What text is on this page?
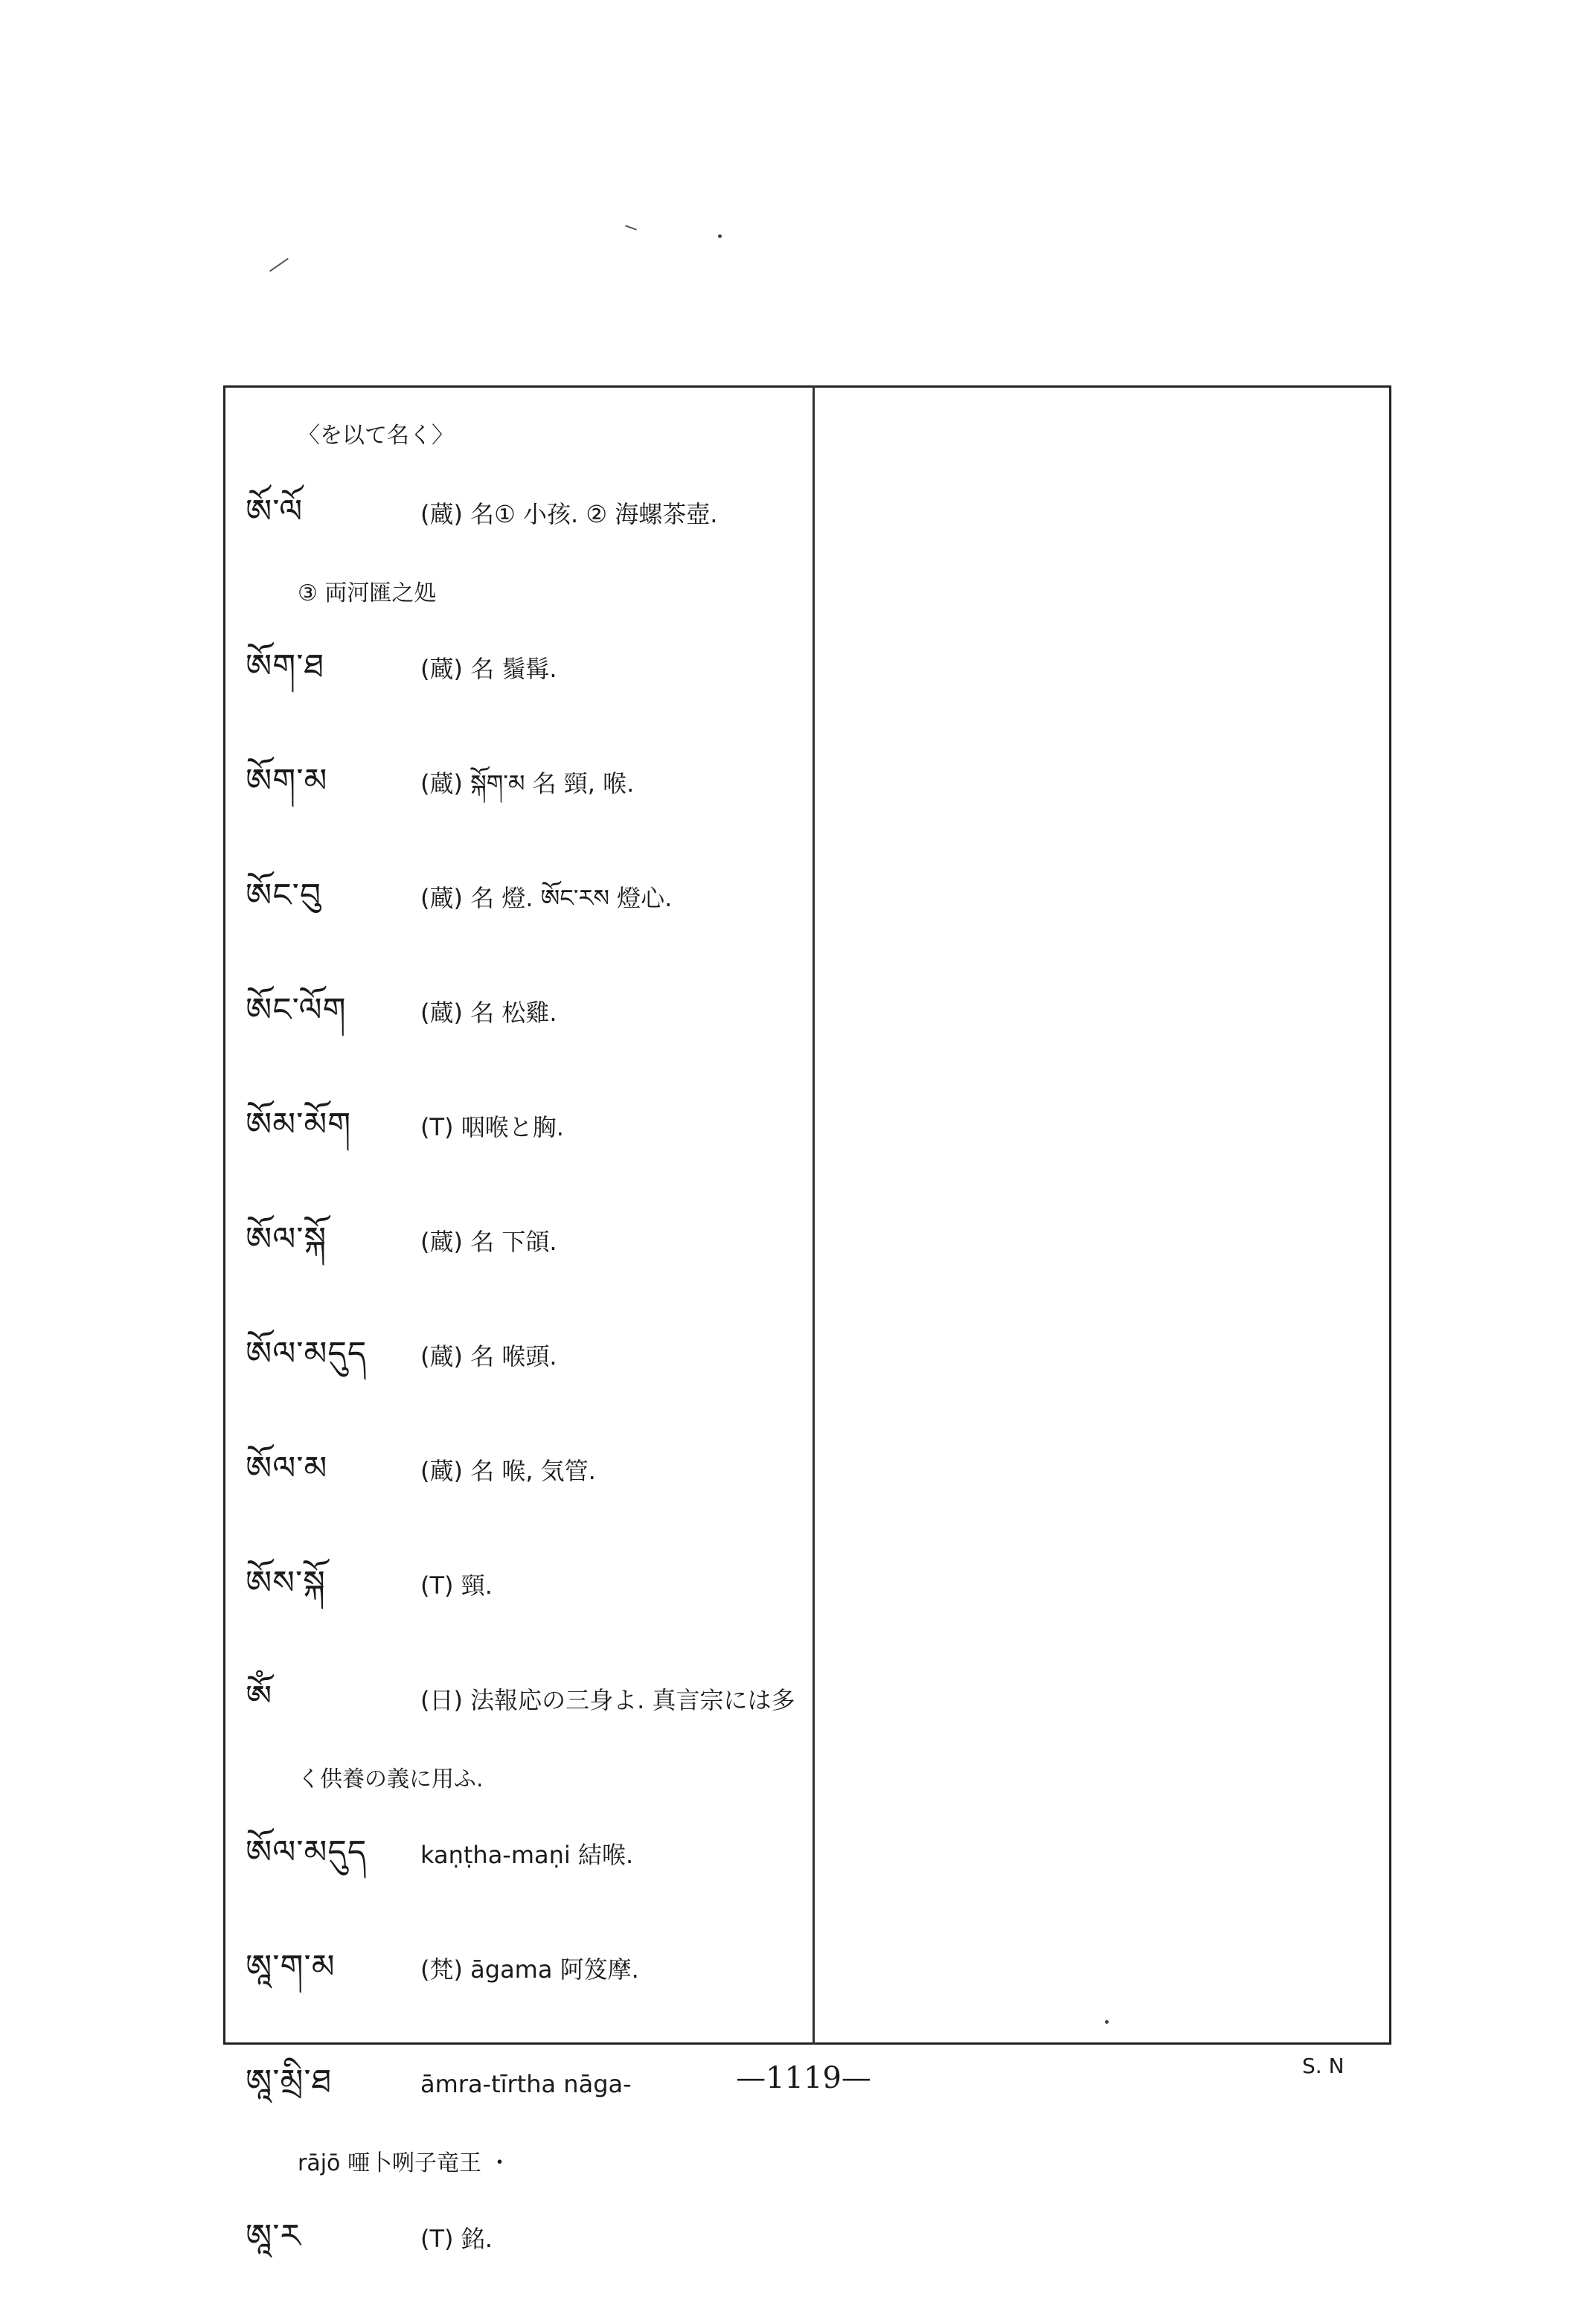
〈を以て名く〉
ཨོ་ལོ	(蔵) 名① 小孩. ② 海螺茶壺.
③ 両河匯之処
ཨོག་ཐ	(蔵) 名 鬚髯.
ཨོག་མ	(蔵) སྐོག་མ 名 頸, 喉.
ཨོང་བུ	(蔵) 名 燈. ཨོང་རས 燈心.
ཨོང་ལོག	(蔵) 名 松雞.
ཨོམ་མོག	(T) 咽喉と胸.
ཨོལ་སྐོ	(蔵) 名 下頜.
ཨོལ་མདུད	(蔵) 名 喉頭.
ཨོལ་མ	(蔵) 名 喉, 気管.
ཨོས་སྐོ	(T) 頸.
ཨོཾ	(日) 法報応の三身よ. 真言宗には多
く供養の義に用ふ.
ཨོལ་མདུད	kaṇṭha-maṇi 結喉.
ཨཱ་ག་མ	(梵) āgama 阿笈摩.
ཨཱ་མྲི་ཐ	āmra-tīrtha nāga-
rājō 唖卜咧子竜王 ・
ཨཱ་ར	(T) 銘.
—1119—	S. N
